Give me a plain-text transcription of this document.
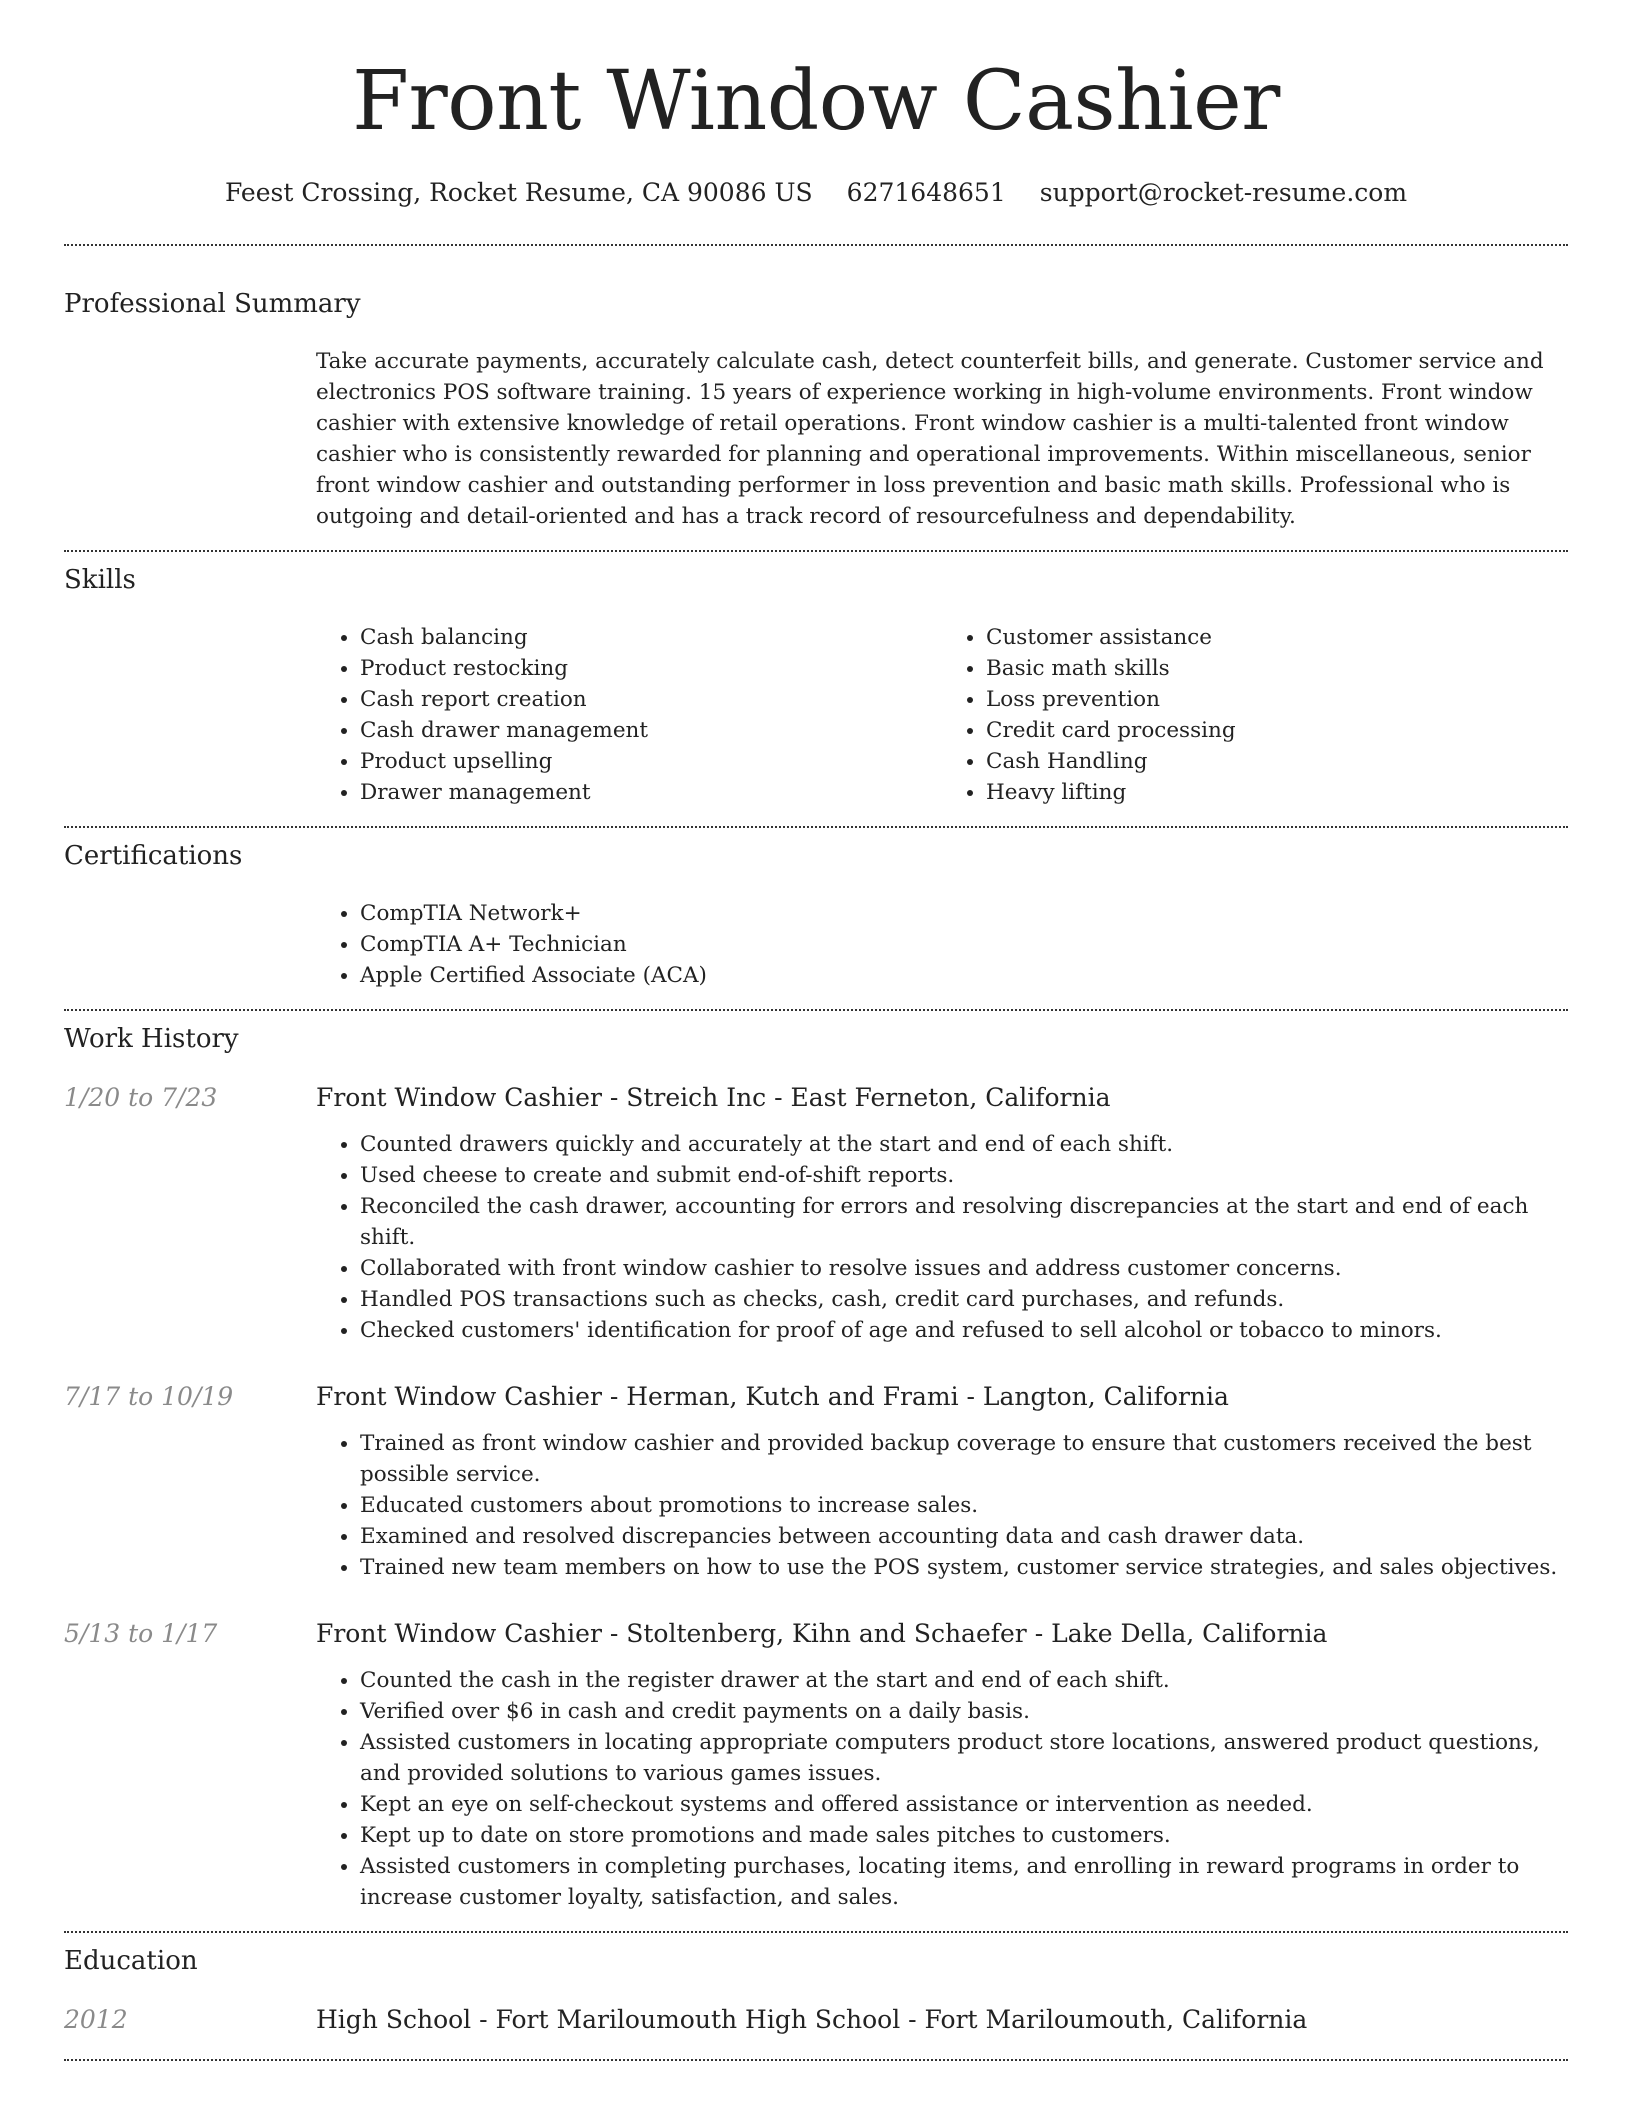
Front Window Cashier
Feest Crossing, Rocket Resume, CA 90086 US 6271648651 support@rocket-resume.com
Professional Summary

Take accurate payments, accurately calculate cash, detect counterfeit bills, and generate. Customer service and electronics POS software training. 15 years of experience working in high-volume environments. Front window cashier with extensive knowledge of retail operations. Front window cashier is a multi-talented front window cashier who is consistently rewarded for planning and operational improvements. Within miscellaneous, senior front window cashier and outstanding performer in loss prevention and basic math skills. Professional who is outgoing and detail-oriented and has a track record of resourcefulness and dependability.

Skills
• Cash balancing
• Product restocking
• Cash report creation
• Cash drawer management
• Product upselling
• Drawer management
• Customer assistance
• Basic math skills
• Loss prevention
• Credit card processing
• Cash Handling
• Heavy lifting
Certifications
• CompTIA Network+
• CompTIA A+ Technician
• Apple Certified Associate (ACA)
Work History
1/20 to 7/23	Front Window Cashier - Streich Inc - East Ferneton, California
• Counted drawers quickly and accurately at the start and end of each shift.
• Used cheese to create and submit end-of-shift reports.
• Reconciled the cash drawer, accounting for errors and resolving discrepancies at the start and end of each shift.
• Collaborated with front window cashier to resolve issues and address customer concerns.
• Handled POS transactions such as checks, cash, credit card purchases, and refunds.
• Checked customers' identification for proof of age and refused to sell alcohol or tobacco to minors.
7/17 to 10/19	Front Window Cashier - Herman, Kutch and Frami - Langton, California
• Trained as front window cashier and provided backup coverage to ensure that customers received the best possible service.
• Educated customers about promotions to increase sales.
• Examined and resolved discrepancies between accounting data and cash drawer data.
• Trained new team members on how to use the POS system, customer service strategies, and sales objectives.
5/13 to 1/17	Front Window Cashier - Stoltenberg, Kihn and Schaefer - Lake Della, California
• Counted the cash in the register drawer at the start and end of each shift.
• Verified over $6 in cash and credit payments on a daily basis.
• Assisted customers in locating appropriate computers product store locations, answered product questions, and provided solutions to various games issues.
• Kept an eye on self-checkout systems and offered assistance or intervention as needed.
• Kept up to date on store promotions and made sales pitches to customers.
• Assisted customers in completing purchases, locating items, and enrolling in reward programs in order to increase customer loyalty, satisfaction, and sales.
Education
2012	High School - Fort Mariloumouth High School - Fort Mariloumouth, California
